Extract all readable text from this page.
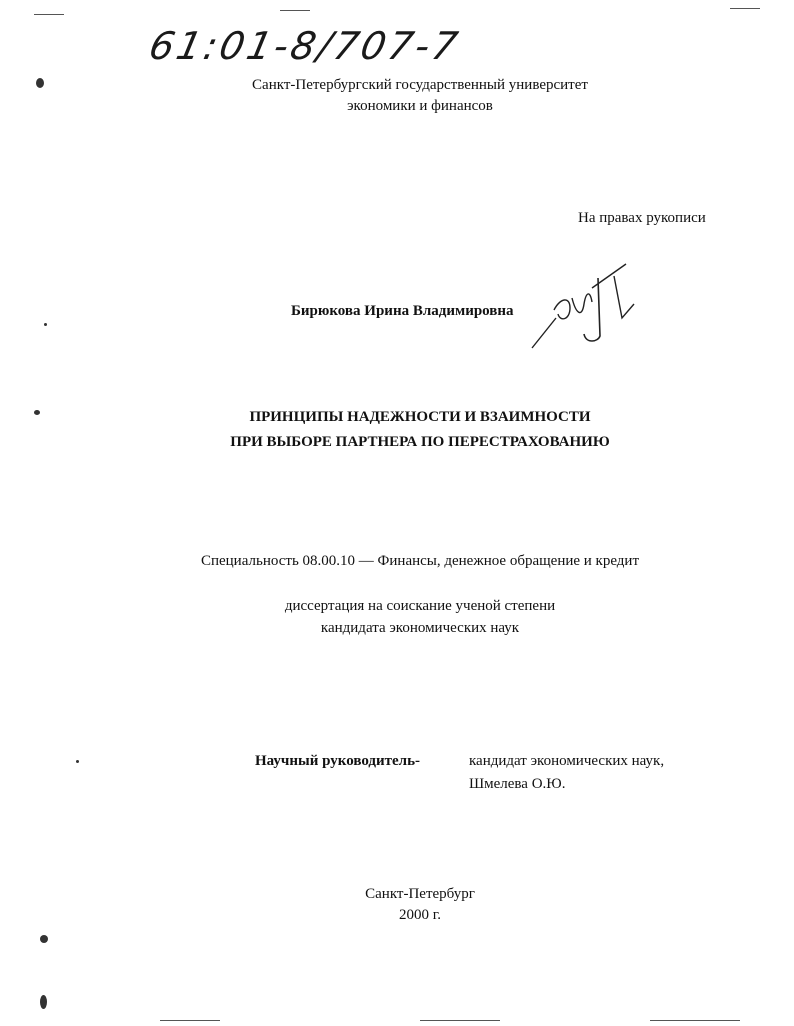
61:01-8/707-7
Санкт-Петербургский государственный университет
экономики и финансов
На правах рукописи
Бирюкова Ирина Владимировна
ПРИНЦИПЫ НАДЕЖНОСТИ И ВЗАИМНОСТИ
ПРИ ВЫБОРЕ ПАРТНЕРА ПО ПЕРЕСТРАХОВАНИЮ
Специальность 08.00.10 — Финансы, денежное обращение и кредит
диссертация на соискание ученой степени
кандидата экономических наук
Научный руководитель-	кандидат экономических наук,
Шмелева О.Ю.
Санкт-Петербург
2000 г.
